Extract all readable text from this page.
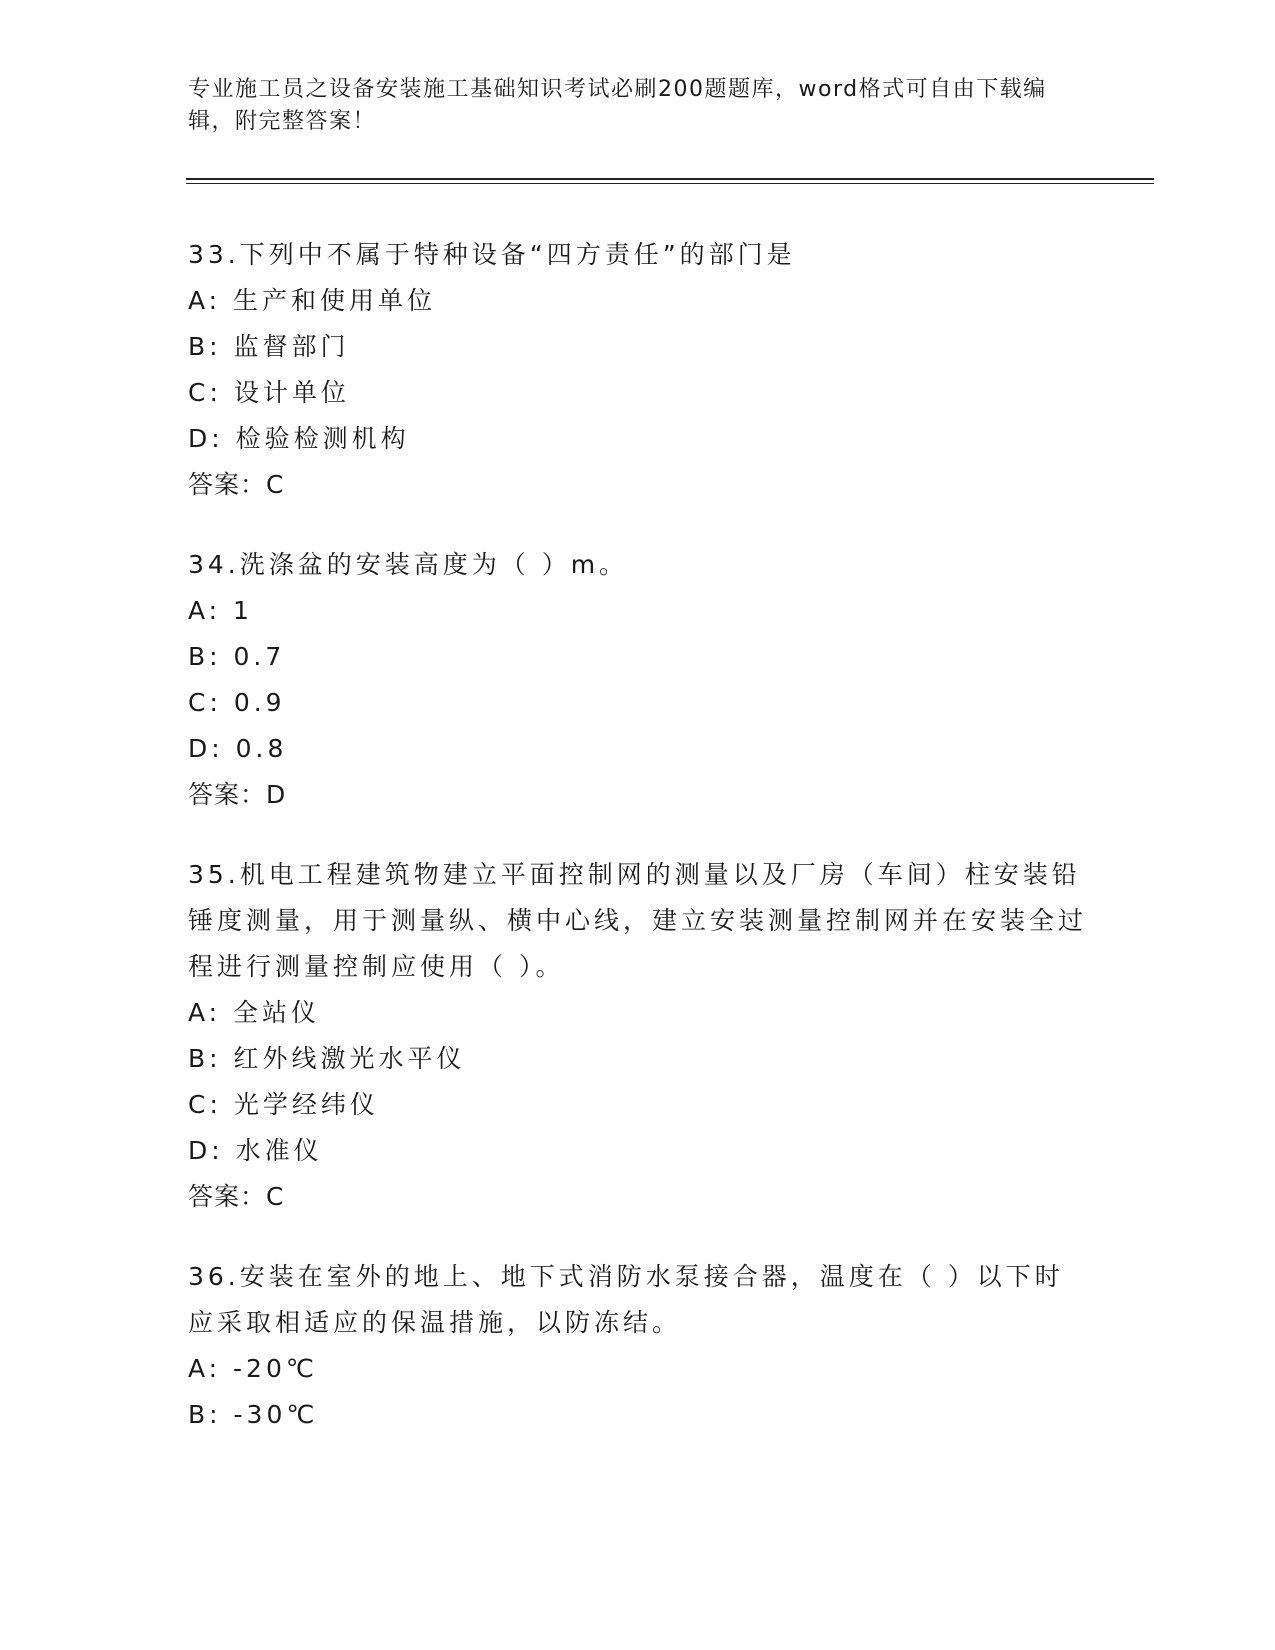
专业施工员之设备安装施工基础知识考试必刷200题题库，word格式可自由下载编辑，附完整答案！
33.下列中不属于特种设备“四方责任”的部门是
A: 生产和使用单位
B: 监督部门
C: 设计单位
D: 检验检测机构
答案：C
34.洗涤盆的安装高度为（ ）m。
A: 1
B: 0.7
C: 0.9
D: 0.8
答案：D
35.机电工程建筑物建立平面控制网的测量以及厂房（车间）柱安装铅锤度测量，用于测量纵、横中心线，建立安装测量控制网并在安装全过程进行测量控制应使用（ ）。
A: 全站仪
B: 红外线激光水平仪
C: 光学经纬仪
D: 水准仪
答案：C
36.安装在室外的地上、地下式消防水泵接合器，温度在（ ）以下时应采取相适应的保温措施，以防冻结。
A: -20℃
B: -30℃
